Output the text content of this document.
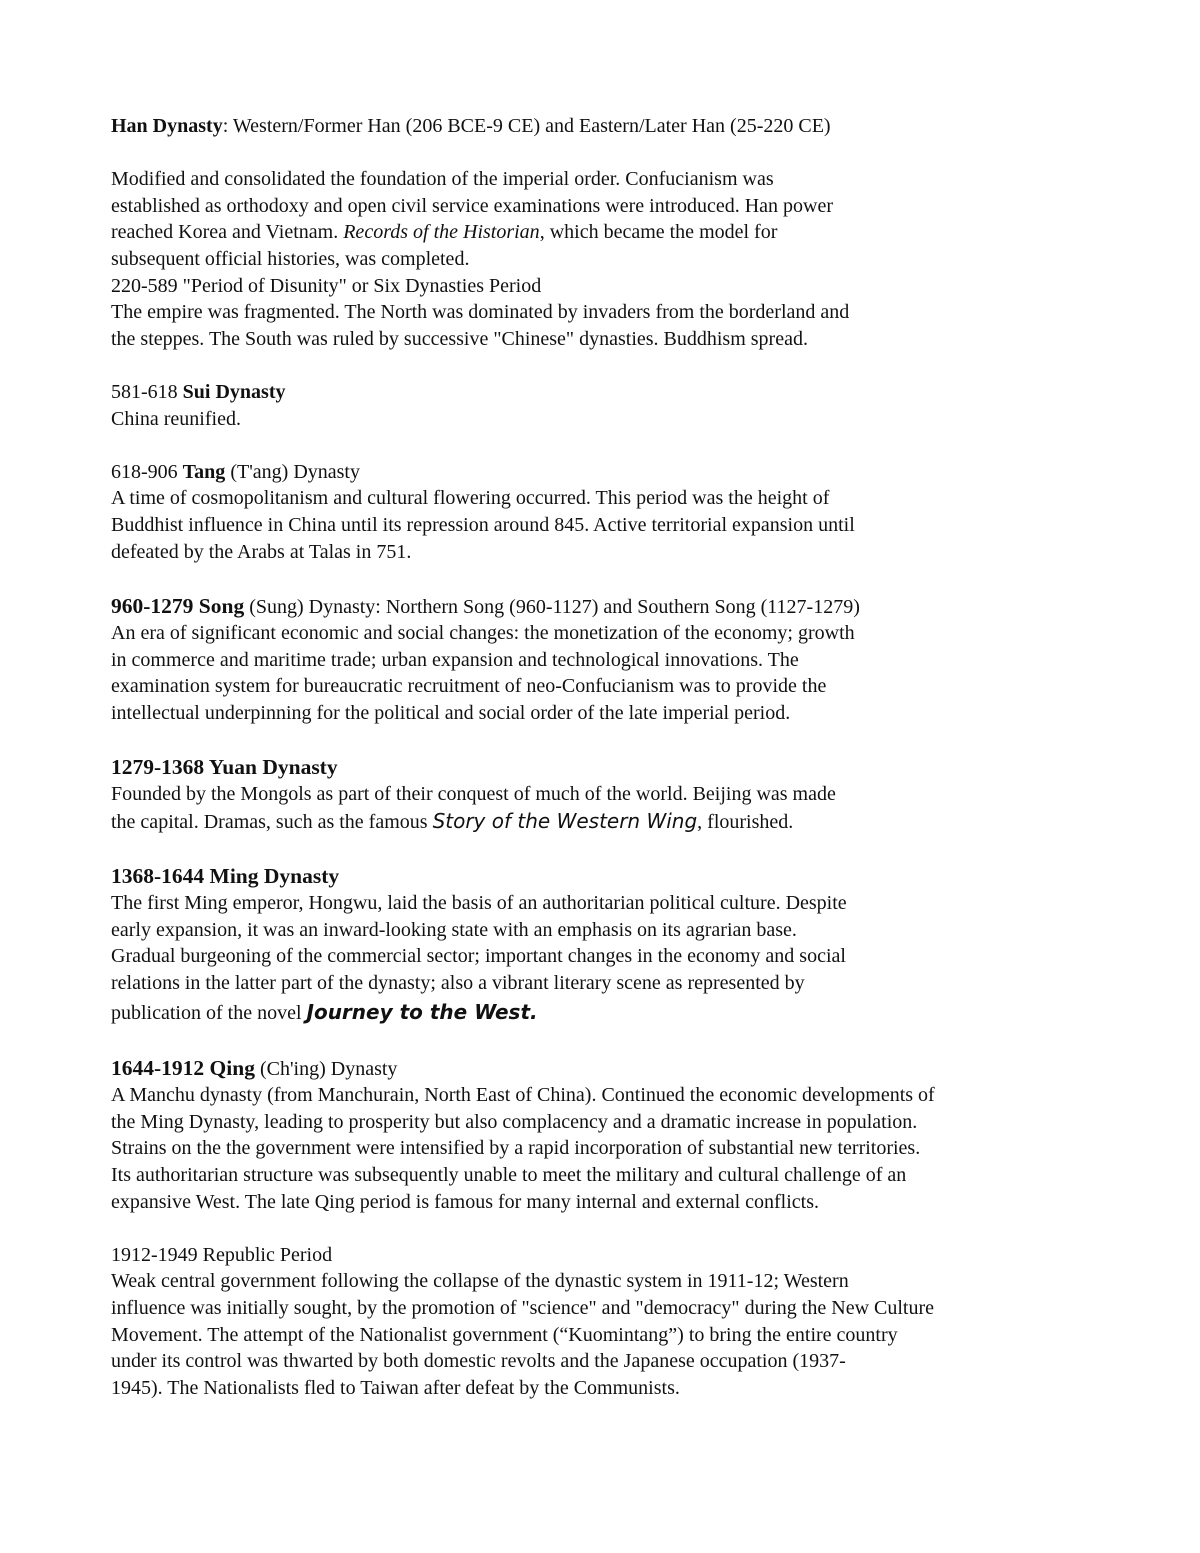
Han Dynasty: Western/Former Han (206 BCE-9 CE) and Eastern/Later Han (25-220 CE)
Modified and consolidated the foundation of the imperial order. Confucianism was
established as orthodoxy and open civil service examinations were introduced. Han power
reached Korea and Vietnam. Records of the Historian, which became the model for
subsequent official histories, was completed.
220-589 "Period of Disunity" or Six Dynasties Period
The empire was fragmented. The North was dominated by invaders from the borderland and
the steppes. The South was ruled by successive "Chinese" dynasties. Buddhism spread.
581-618 Sui Dynasty
China reunified.
618-906 Tang (T'ang) Dynasty
A time of cosmopolitanism and cultural flowering occurred. This period was the height of
Buddhist influence in China until its repression around 845. Active territorial expansion until
defeated by the Arabs at Talas in 751.
960-1279 Song (Sung) Dynasty: Northern Song (960-1127) and Southern Song (1127-1279)
An era of significant economic and social changes: the monetization of the economy; growth
in commerce and maritime trade; urban expansion and technological innovations. The
examination system for bureaucratic recruitment of neo-Confucianism was to provide the
intellectual underpinning for the political and social order of the late imperial period.
1279-1368 Yuan Dynasty
Founded by the Mongols as part of their conquest of much of the world. Beijing was made
the capital. Dramas, such as the famous Story of the Western Wing, flourished.
1368-1644 Ming Dynasty
The first Ming emperor, Hongwu, laid the basis of an authoritarian political culture. Despite
early expansion, it was an inward-looking state with an emphasis on its agrarian base.
Gradual burgeoning of the commercial sector; important changes in the economy and social
relations in the latter part of the dynasty; also a vibrant literary scene as represented by
publication of the novel Journey to the West.
1644-1912 Qing (Ch'ing) Dynasty
A Manchu dynasty (from Manchurain, North East of China). Continued the economic developments of
the Ming Dynasty, leading to prosperity but also complacency and a dramatic increase in population.
Strains on the the government were intensified by a rapid incorporation of substantial new territories.
Its authoritarian structure was subsequently unable to meet the military and cultural challenge of an
expansive West. The late Qing period is famous for many internal and external conflicts.
1912-1949 Republic Period
Weak central government following the collapse of the dynastic system in 1911-12; Western
influence was initially sought, by the promotion of "science" and "democracy" during the New Culture
Movement. The attempt of the Nationalist government (“Kuomintang”) to bring the entire country
under its control was thwarted by both domestic revolts and the Japanese occupation (1937-
1945). The Nationalists fled to Taiwan after defeat by the Communists.
